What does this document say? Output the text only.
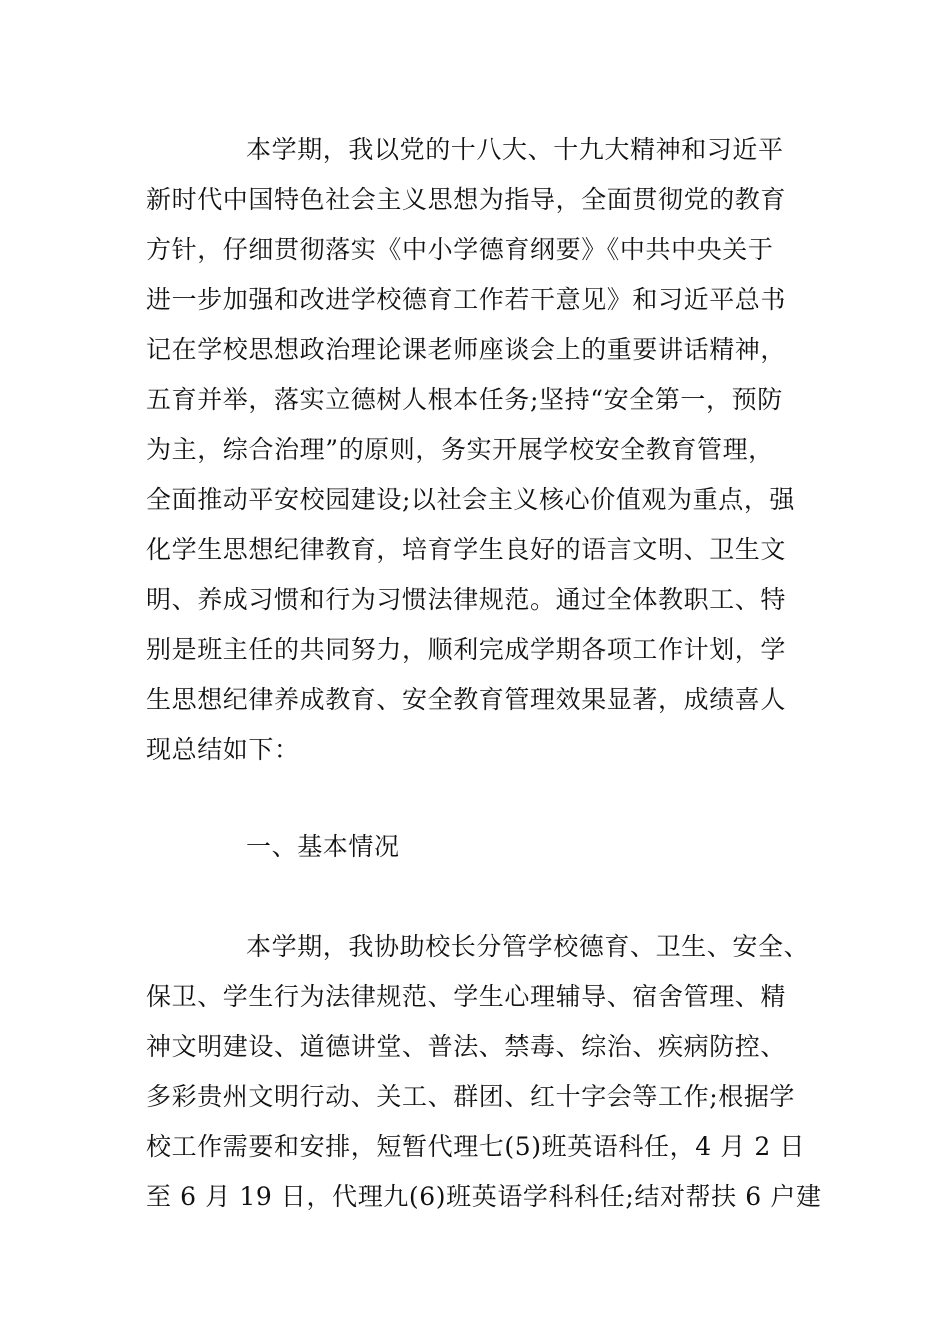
本学期，我以党的十八大、十九大精神和习近平
新时代中国特色社会主义思想为指导，全面贯彻党的教育
方针，仔细贯彻落实《中小学德育纲要》《中共中央关于
进一步加强和改进学校德育工作若干意见》和习近平总书
记在学校思想政治理论课老师座谈会上的重要讲话精神，
五育并举，落实立德树人根本任务;坚持“安全第一，预防
为主，综合治理”的原则，务实开展学校安全教育管理，
全面推动平安校园建设;以社会主义核心价值观为重点，强
化学生思想纪律教育，培育学生良好的语言文明、卫生文
明、养成习惯和行为习惯法律规范。通过全体教职工、特
别是班主任的共同努力，顺利完成学期各项工作计划，学
生思想纪律养成教育、安全教育管理效果显著，成绩喜人
现总结如下：
一、基本情况
本学期，我协助校长分管学校德育、卫生、安全、
保卫、学生行为法律规范、学生心理辅导、宿舍管理、精
神文明建设、道德讲堂、普法、禁毒、综治、疾病防控、
多彩贵州文明行动、关工、群团、红十字会等工作;根据学
校工作需要和安排，短暂代理七(5)班英语科任，4 月 2 日
至 6 月 19 日，代理九(6)班英语学科科任;结对帮扶 6 户建
